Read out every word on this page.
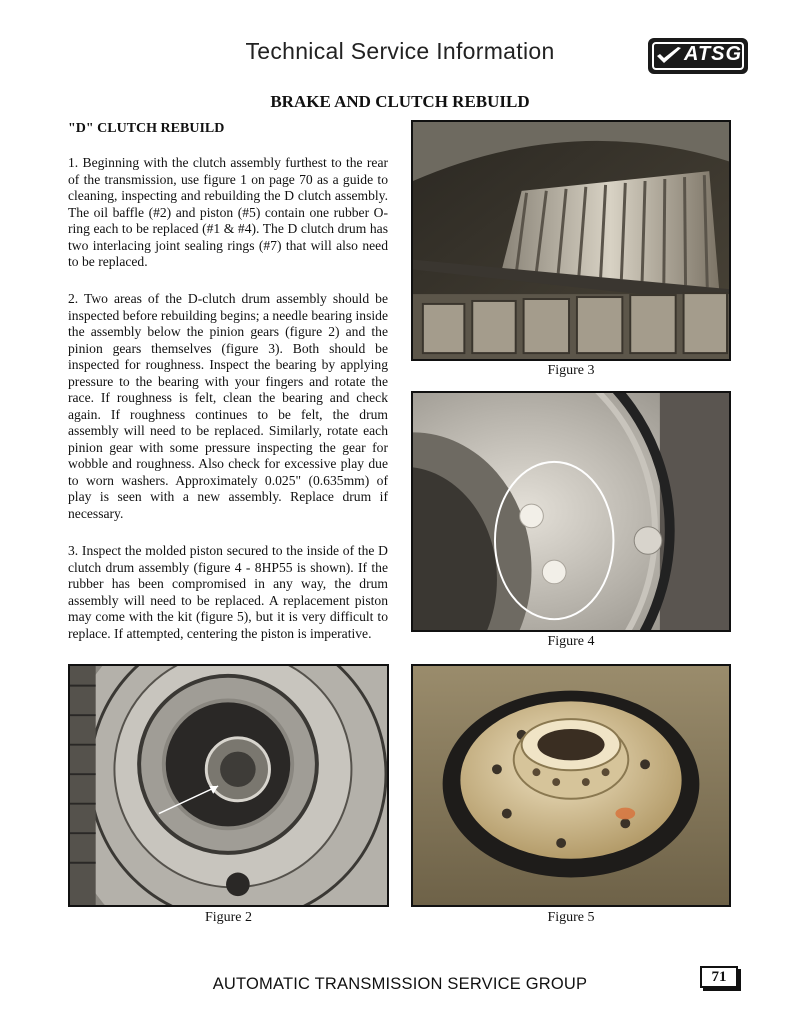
Technical Service Information	ATSG
BRAKE AND CLUTCH REBUILD
"D" CLUTCH REBUILD

1. Beginning with the clutch assembly furthest to the rear of the transmission, use figure 1 on page 70 as a guide to cleaning, inspecting and rebuilding the D clutch assembly. The oil baffle (#2) and piston (#5) contain one rubber O-ring each to be replaced (#1 & #4). The D clutch drum has two interlacing joint sealing rings (#7) that will also need to be replaced.

2. Two areas of the D-clutch drum assembly should be inspected before rebuilding begins; a needle bearing inside the assembly below the pinion gears (figure 2) and the pinion gears themselves (figure 3). Both should be inspected for roughness. Inspect the bearing by applying pressure to the bearing with your fingers and rotate the race. If roughness is felt, clean the bearing and check again. If roughness continues to be felt, the drum assembly will need to be replaced. Similarly, rotate each pinion gear with some pressure inspecting the gear for wobble and roughness. Also check for excessive play due to worn washers. Approximately 0.025" (0.635mm) of play is seen with a new assembly. Replace drum if necessary.

3. Inspect the molded piston secured to the inside of the D clutch drum assembly (figure 4 - 8HP55 is shown). If the rubber has been compromised in any way, the drum assembly will need to be replaced. A replacement piston may come with the kit (figure 5), but it is very difficult to replace. If attempted, centering the piston is imperative.

Figure 3
Figure 4
Figure 2	Figure 5
AUTOMATIC TRANSMISSION SERVICE GROUP	71
